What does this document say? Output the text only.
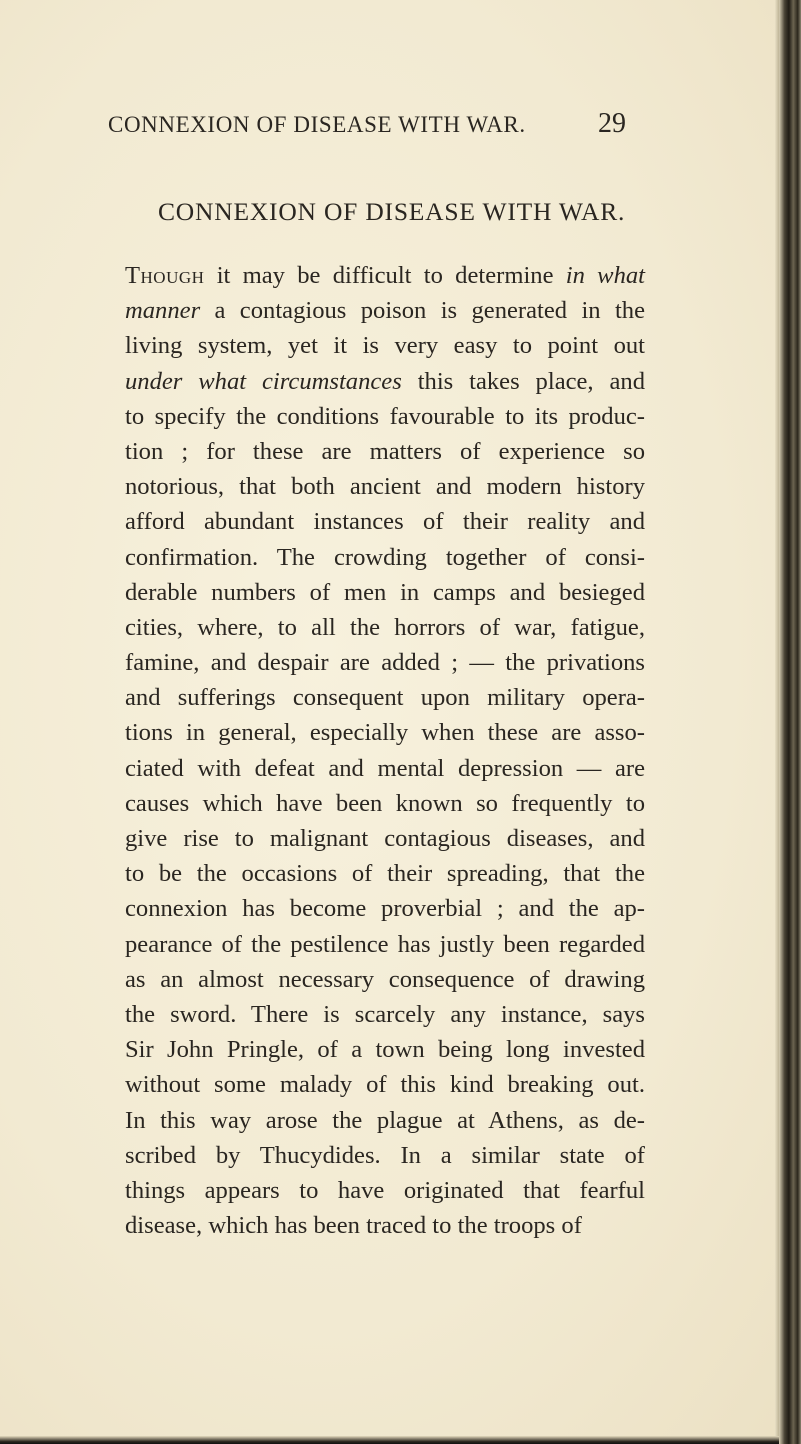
CONNEXION OF DISEASE WITH WAR.	29
CONNEXION OF DISEASE WITH WAR.
Though it may be difficult to determine in what
manner a contagious poison is generated in the
living system, yet it is very easy to point out
under what circumstances this takes place, and
to specify the conditions favourable to its produc-
tion ; for these are matters of experience so
notorious, that both ancient and modern history
afford abundant instances of their reality and
confirmation. The crowding together of consi-
derable numbers of men in camps and besieged
cities, where, to all the horrors of war, fatigue,
famine, and despair are added ; — the privations
and sufferings consequent upon military opera-
tions in general, especially when these are asso-
ciated with defeat and mental depression — are
causes which have been known so frequently to
give rise to malignant contagious diseases, and
to be the occasions of their spreading, that the
connexion has become proverbial ; and the ap-
pearance of the pestilence has justly been regarded
as an almost necessary consequence of drawing
the sword. There is scarcely any instance, says
Sir John Pringle, of a town being long invested
without some malady of this kind breaking out.
In this way arose the plague at Athens, as de-
scribed by Thucydides. In a similar state of
things appears to have originated that fearful
disease, which has been traced to the troops of
